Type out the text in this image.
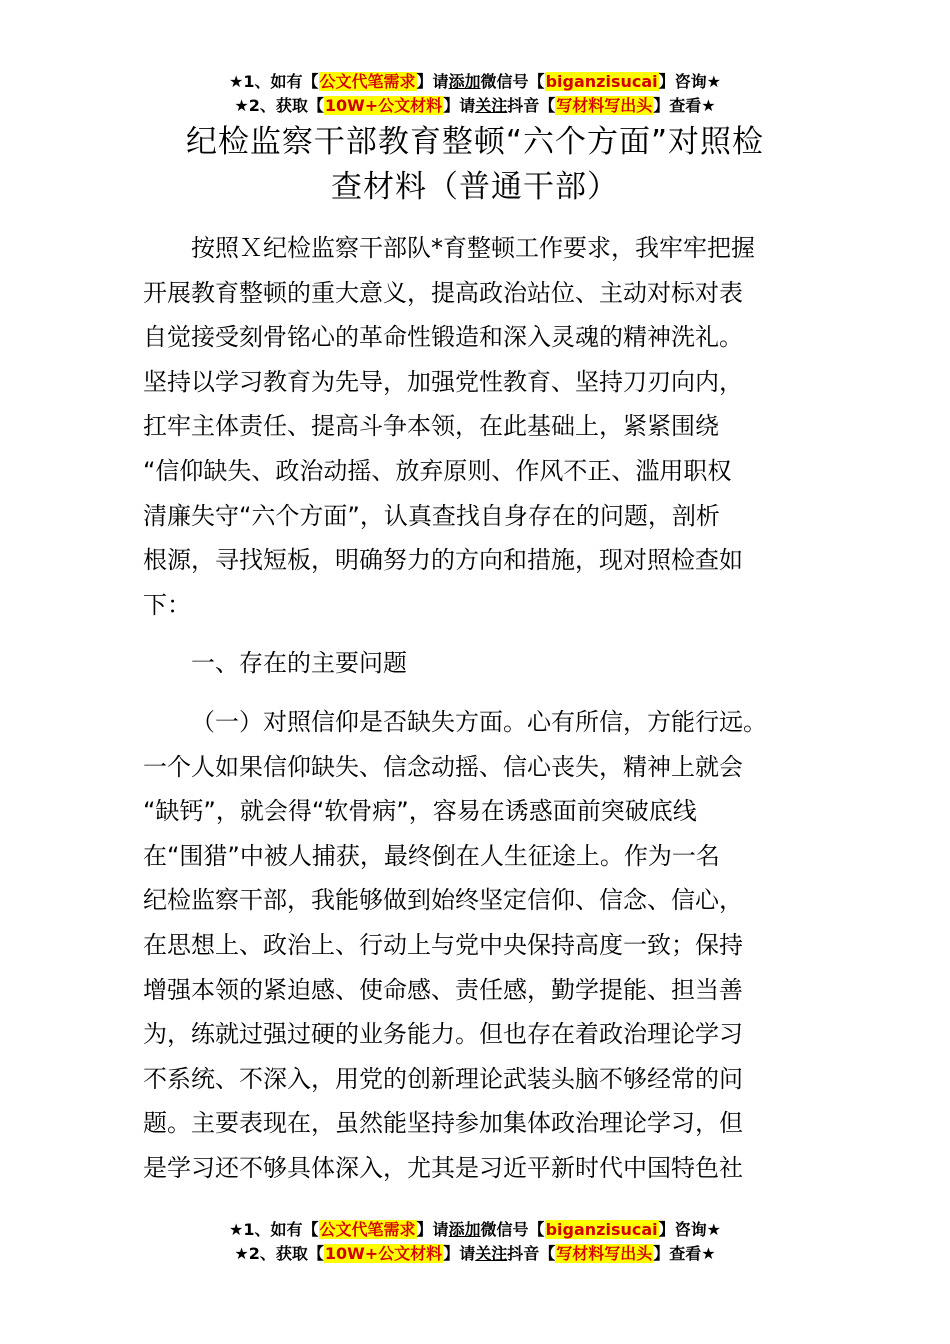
★1、如有【公文代笔需求】请添加微信号【biganzisucai】咨询★
★2、获取【10W+公文材料】请关注抖音【写材料写出头】查看★
纪检监察干部教育整顿“六个方面”对照检
查材料（普通干部）
按照Ｘ纪检监察干部队*育整顿工作要求，我牢牢把握
开展教育整顿的重大意义，提高政治站位、主动对标对表
自觉接受刻骨铭心的革命性锻造和深入灵魂的精神洗礼。
坚持以学习教育为先导，加强党性教育、坚持刀刃向内，
扛牢主体责任、提高斗争本领，在此基础上，紧紧围绕
“信仰缺失、政治动摇、放弃原则、作风不正、滥用职权
清廉失守“六个方面”，认真查找自身存在的问题，剖析
根源，寻找短板，明确努力的方向和措施，现对照检查如
下：
一、存在的主要问题
（一）对照信仰是否缺失方面。心有所信，方能行远。
一个人如果信仰缺失、信念动摇、信心丧失，精神上就会
“缺钙”，就会得“软骨病”，容易在诱惑面前突破底线
在“围猎”中被人捕获，最终倒在人生征途上。作为一名
纪检监察干部，我能够做到始终坚定信仰、信念、信心，
在思想上、政治上、行动上与党中央保持高度一致；保持
增强本领的紧迫感、使命感、责任感，勤学提能、担当善
为，练就过强过硬的业务能力。但也存在着政治理论学习
不系统、不深入，用党的创新理论武装头脑不够经常的问
题。主要表现在，虽然能坚持参加集体政治理论学习，但
是学习还不够具体深入，尤其是习近平新时代中国特色社
★1、如有【公文代笔需求】请添加微信号【biganzisucai】咨询★
★2、获取【10W+公文材料】请关注抖音【写材料写出头】查看★
